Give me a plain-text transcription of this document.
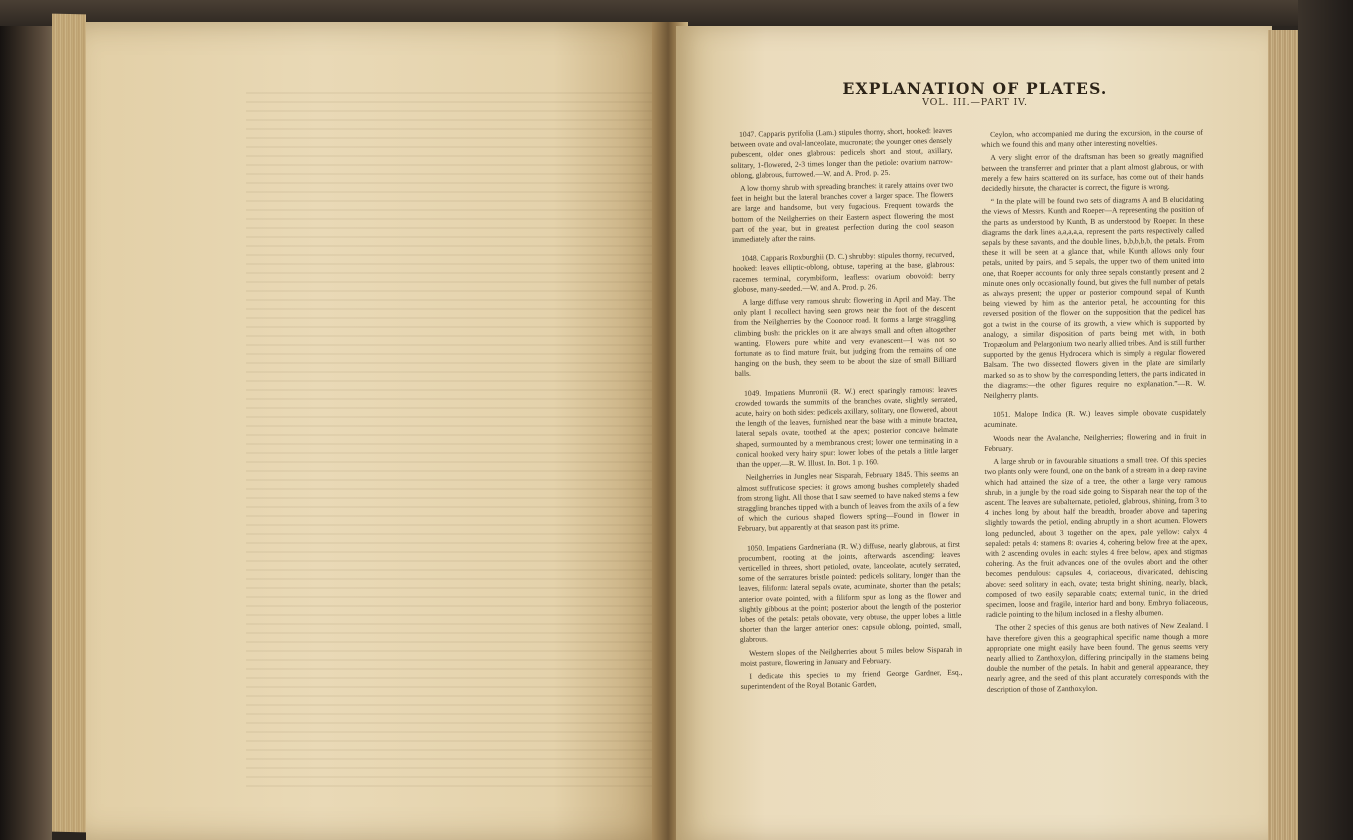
EXPLANATION OF PLATES.
VOL. III.—PART IV.

1047. Capparis pyrifolia (Lam.) stipules thorny, short, hooked: leaves between ovate and oval-lanceolate, mucronate; the younger ones densely pubescent, older ones glabrous: pedicels short and stout, axillary, solitary, 1-flowered, 2-3 times longer than the petiole: ovarium narrow-oblong, glabrous, furrowed.—W. and A. Prod. p. 25.

A low thorny shrub with spreading branches: it rarely attains over two feet in height but the lateral branches cover a larger space. The flowers are large and handsome, but very fugacious. Frequent towards the bottom of the Neilgherries on their Eastern aspect flowering the most part of the year, but in greatest perfection during the cool season immediately after the rains.

1048. Capparis Roxburghii (D. C.) shrubby: stipules thorny, recurved, hooked: leaves elliptic-oblong, obtuse, tapering at the base, glabrous: racemes terminal, corymbiform, leafless: ovarium obovoid: berry globose, many-seeded.—W. and A. Prod. p. 26.

A large diffuse very ramous shrub: flowering in April and May. The only plant I recollect having seen grows near the foot of the descent from the Neilgherries by the Coonoor road. It forms a large straggling climbing bush: the prickles on it are always small and often altogether wanting. Flowers pure white and very evanescent—I was not so fortunate as to find mature fruit, but judging from the remains of one hanging on the bush, they seem to be about the size of small Billiard balls.

1049. Impatiens Munronii (R. W.) erect sparingly ramous: leaves crowded towards the summits of the branches ovate, slightly serrated, acute, hairy on both sides: pedicels axillary, solitary, one flowered, about the length of the leaves, furnished near the base with a minute bractea, lateral sepals ovate, toothed at the apex; posterior concave helmate shaped, surmounted by a membranous crest; lower one terminating in a conical hooked very hairy spur: lower lobes of the petals a little larger than the upper.—R. W. Illust. In. Bot. 1 p. 160.

Neilgherries in Jungles near Sisparah, February 1845. This seems an almost suffruticose species: it grows among bushes completely shaded from strong light. All those that I saw seemed to have naked stems a few straggling branches tipped with a bunch of leaves from the axils of a few of which the curious shaped flowers spring—Found in flower in February, but apparently at that season past its prime.

1050. Impatiens Gardneriana (R. W.) diffuse, nearly glabrous, at first procumbent, rooting at the joints, afterwards ascending: leaves verticelled in threes, short petioled, ovate, lanceolate, acutely serrated, some of the serratures bristle pointed: pedicels solitary, longer than the leaves, filiform: lateral sepals ovate, acuminate, shorter than the petals; anterior ovate pointed, with a filiform spur as long as the flower and slightly gibbous at the point; posterior about the length of the posterior lobes of the petals: petals obovate, very obtuse, the upper lobes a little shorter than the larger anterior ones: capsule oblong, pointed, small, glabrous.

Western slopes of the Neilgherries about 5 miles below Sisparah in moist pasture, flowering in January and February.

I dedicate this species to my friend George Gardner, Esq., superintendent of the Royal Botanic Garden,

Ceylon, who accompanied me during the excursion, in the course of which we found this and many other interesting novelties.

A very slight error of the draftsman has been so greatly magnified between the transferrer and printer that a plant almost glabrous, or with merely a few hairs scattered on its surface, has come out of their hands decidedly hirsute, the character is correct, the figure is wrong.

“ In the plate will be found two sets of diagrams A and B elucidating the views of Messrs. Kunth and Roeper—A representing the position of the parts as understood by Kunth, B as understood by Roeper. In these diagrams the dark lines a,a,a,a,a, represent the parts respectively called sepals by these savants, and the double lines, b,b,b,b,b, the petals. From these it will be seen at a glance that, while Kunth allows only four petals, united by pairs, and 5 sepals, the upper two of them united into one, that Roeper accounts for only three sepals constantly present and 2 minute ones only occasionally found, but gives the full number of petals as always present; the upper or posterior compound sepal of Kunth being viewed by him as the anterior petal, he accounting for this reversed position of the flower on the supposition that the pedicel has got a twist in the course of its growth, a view which is supported by analogy, a similar disposition of parts being met with, in both Tropæolum and Pelargonium two nearly allied tribes. And is still further supported by the genus Hydrocera which is simply a regular flowered Balsam. The two dissected flowers given in the plate are similarly marked so as to show by the corresponding letters, the parts indicated in the diagrams:—the other figures require no explanation.”—R. W. Neilgherry plants.

1051. Malope Indica (R. W.) leaves simple obovate cuspidately acuminate.

Woods near the Avalanche, Neilgherries; flowering and in fruit in February.

A large shrub or in favourable situations a small tree. Of this species two plants only were found, one on the bank of a stream in a deep ravine which had attained the size of a tree, the other a large very ramous shrub, in a jungle by the road side going to Sisparah near the top of the ascent. The leaves are subalternate, petioled, glabrous, shining, from 3 to 4 inches long by about half the breadth, broader above and tapering slightly towards the petiol, ending abruptly in a short acumen. Flowers long peduncled, about 3 together on the apex, pale yellow: calyx 4 sepaled: petals 4: stamens 8: ovaries 4, cohering below free at the apex, with 2 ascending ovules in each: styles 4 free below, apex and stigmas cohering. As the fruit advances one of the ovules abort and the other becomes pendulous: capsules 4, coriaceous, divaricated, dehiscing above: seed solitary in each, ovate; testa bright shining, nearly, black, composed of two easily separable coats; external tunic, in the dried specimen, loose and fragile, interior hard and bony. Embryo foliaceous, radicle pointing to the hilum inclosed in a fleshy albumen.

The other 2 species of this genus are both natives of New Zealand. I have therefore given this a geographical specific name though a more appropriate one might easily have been found. The genus seems very nearly allied to Zanthoxylon, differing principally in the stamens being double the number of the petals. In habit and general appearance, they nearly agree, and the seed of this plant accurately corresponds with the description of those of Zanthoxylon.
